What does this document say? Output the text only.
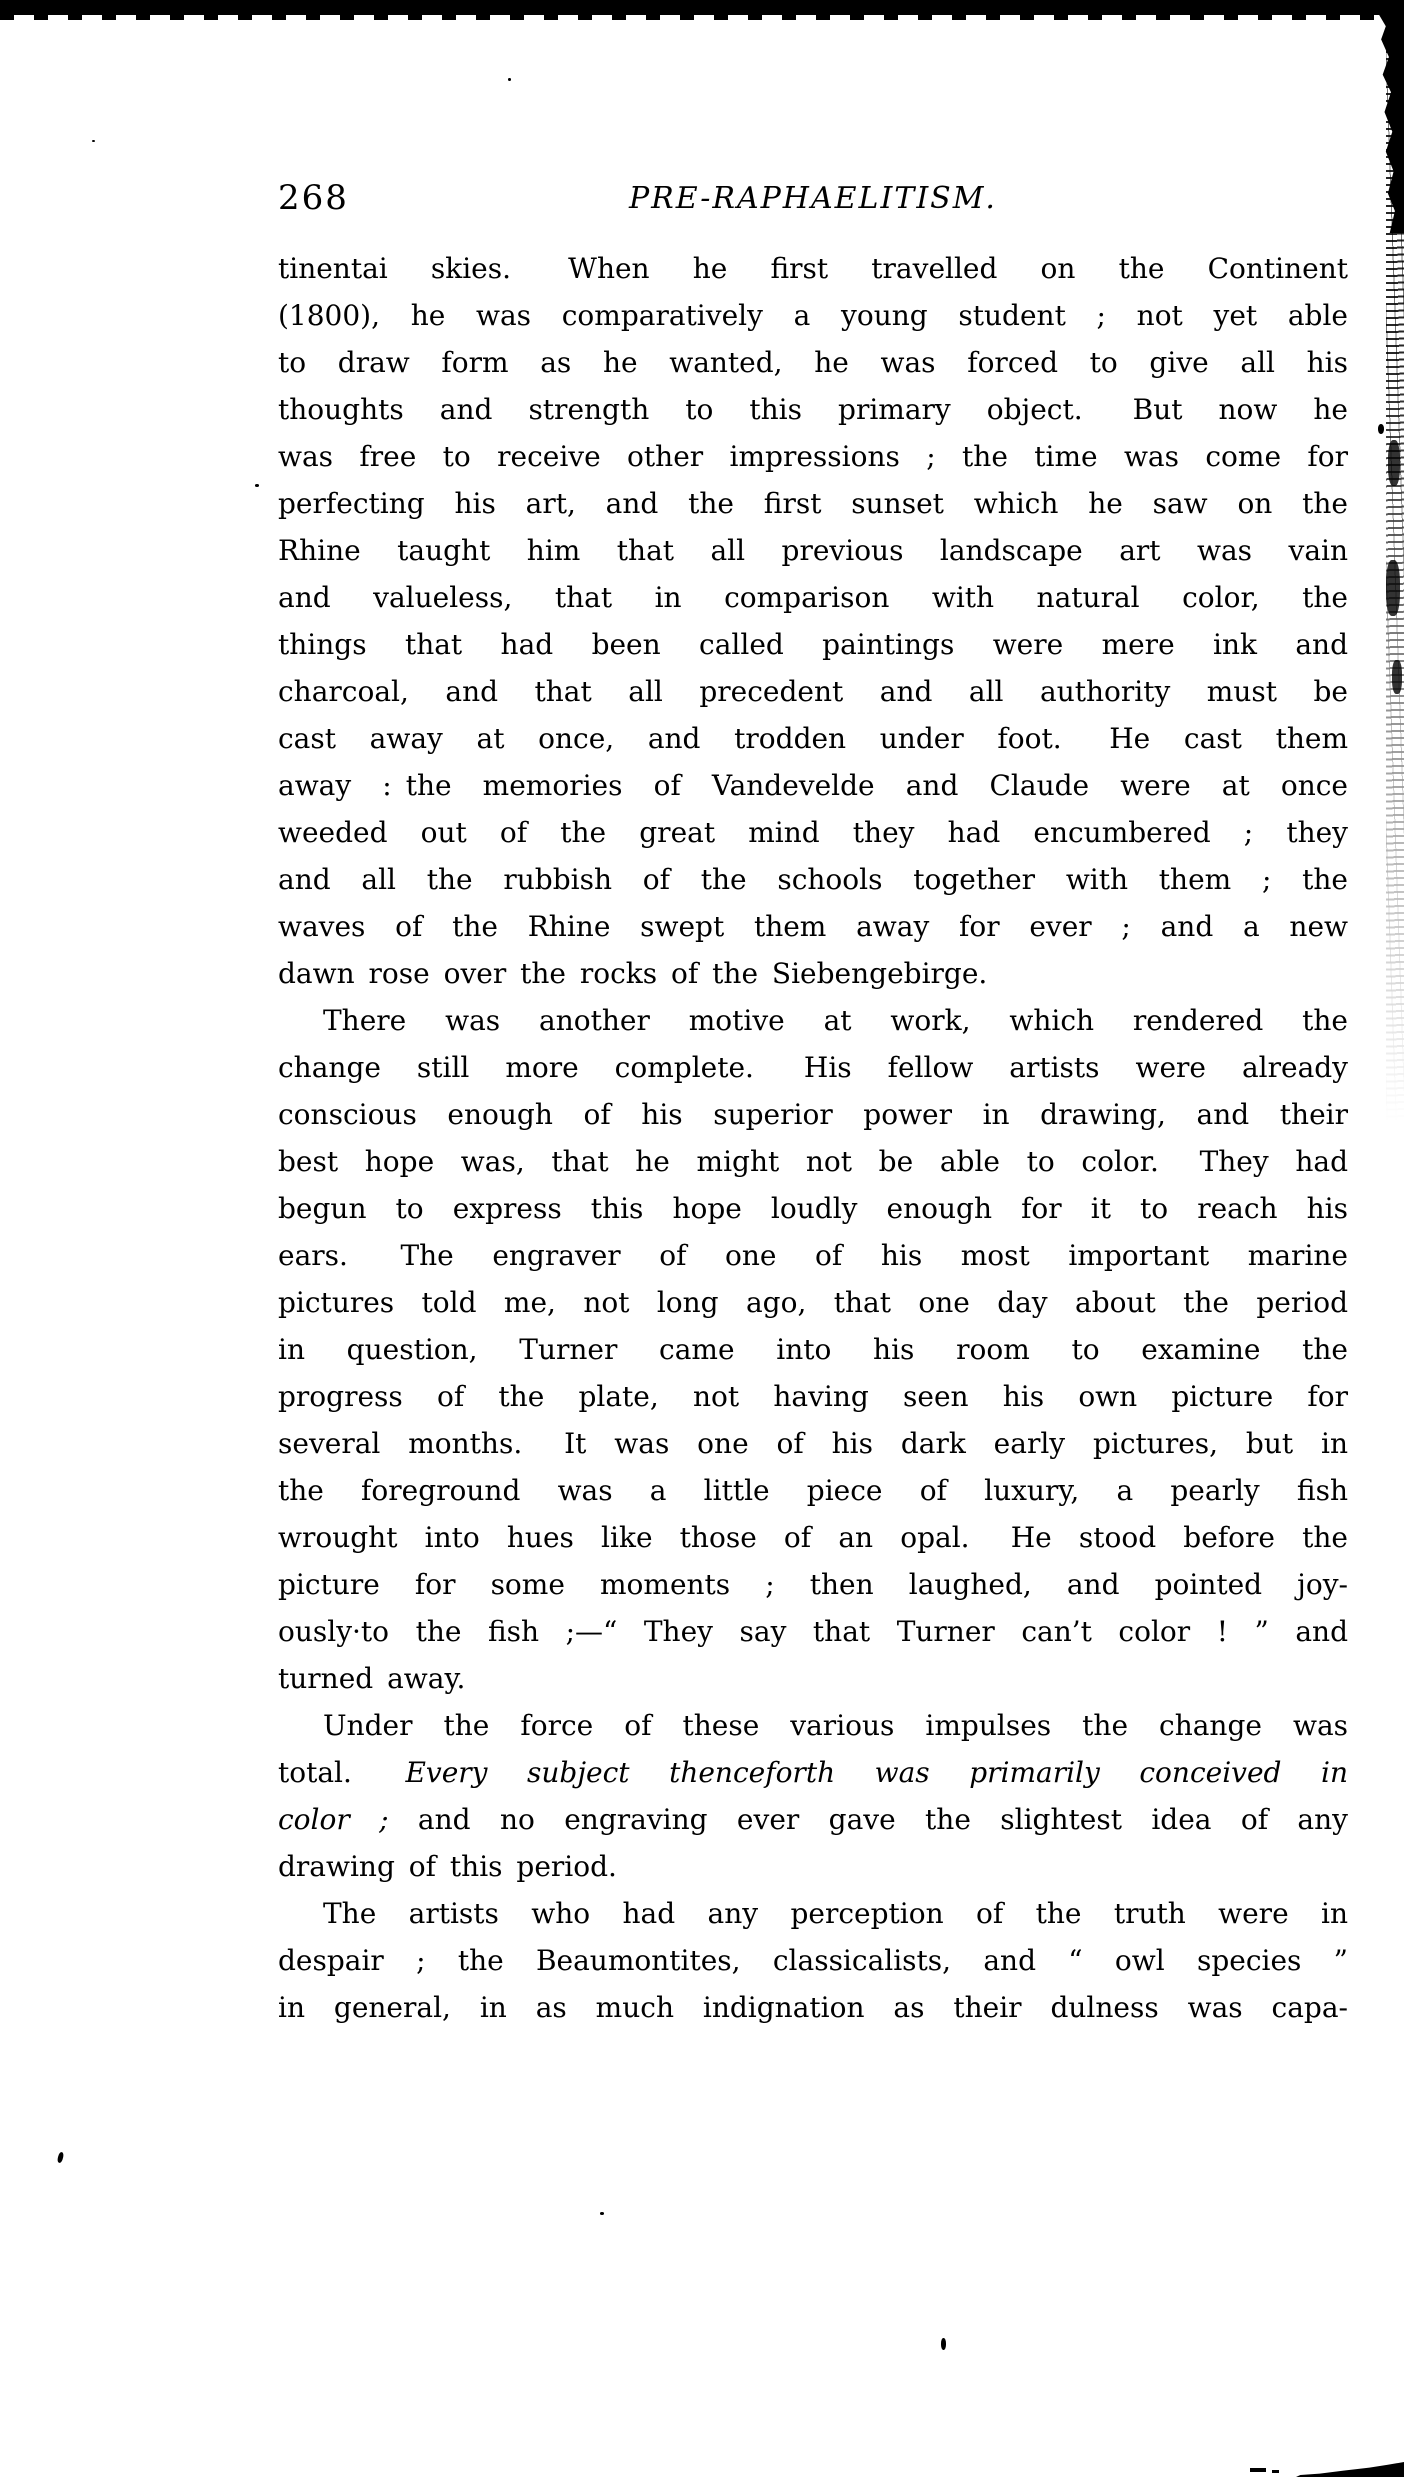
268	PRE-RAPHAELITISM.
tinentai skies.  When he first travelled on the Continent
(1800), he was comparatively a young student ; not yet able
to draw form as he wanted, he was forced to give all his
thoughts and strength to this primary object.  But now he
was free to receive other impressions ; the time was come for
perfecting his art, and the first sunset which he saw on the
Rhine taught him that all previous landscape art was vain
and valueless, that in comparison with natural color, the
things that had been called paintings were mere ink and
charcoal, and that all precedent and all authority must be
cast away at once, and trodden under foot.  He cast them
away : the memories of Vandevelde and Claude were at once
weeded out of the great mind they had encumbered ; they
and all the rubbish of the schools together with them ; the
waves of the Rhine swept them away for ever ; and a new
dawn rose over the rocks of the Siebengebirge.
There was another motive at work, which rendered the
change still more complete.  His fellow artists were already
conscious enough of his superior power in drawing, and their
best hope was, that he might not be able to color.  They had
begun to express this hope loudly enough for it to reach his
ears.  The engraver of one of his most important marine
pictures told me, not long ago, that one day about the period
in question, Turner came into his room to examine the
progress of the plate, not having seen his own picture for
several months.  It was one of his dark early pictures, but in
the foreground was a little piece of luxury, a pearly fish
wrought into hues like those of an opal.  He stood before the
picture for some moments ; then laughed, and pointed joy-
ously·to the fish ;—“ They say that Turner can’t color ! ” and
turned away.
Under the force of these various impulses the change was
total.  Every subject thenceforth was primarily conceived in
color ; and no engraving ever gave the slightest idea of any
drawing of this period.
The artists who had any perception of the truth were in
despair ; the Beaumontites, classicalists, and “ owl species ”
in general, in as much indignation as their dulness was capa-
